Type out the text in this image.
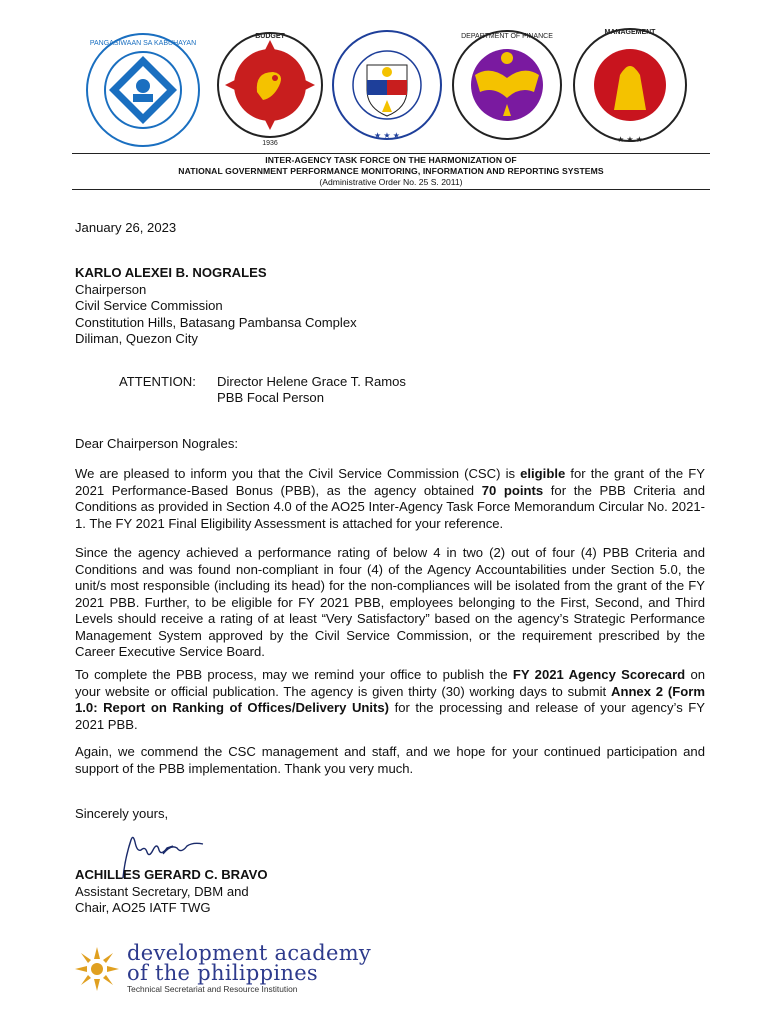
PANGASIWAAN SA KABUHAYAN
BUDGET
1936
★ ★ ★
DEPARTMENT OF FINANCE
★ ★ ★
MANAGEMENT
INTER-AGENCY TASK FORCE ON THE HARMONIZATION OF
NATIONAL GOVERNMENT PERFORMANCE MONITORING, INFORMATION AND REPORTING SYSTEMS
(Administrative Order No. 25 S. 2011)
January 26, 2023
KARLO ALEXEI B. NOGRALES
Chairperson
Civil Service Commission
Constitution Hills, Batasang Pambansa Complex
Diliman, Quezon City
ATTENTION: Director Helene Grace T. Ramos
PBB Focal Person
Dear Chairperson Nograles:
We are pleased to inform you that the Civil Service Commission (CSC) is eligible for the grant of the FY 2021 Performance-Based Bonus (PBB), as the agency obtained 70 points for the PBB Criteria and Conditions as provided in Section 4.0 of the AO25 Inter-Agency Task Force Memorandum Circular No. 2021-1. The FY 2021 Final Eligibility Assessment is attached for your reference.
Since the agency achieved a performance rating of below 4 in two (2) out of four (4) PBB Criteria and Conditions and was found non-compliant in four (4) of the Agency Accountabilities under Section 5.0, the unit/s most responsible (including its head) for the non-compliances will be isolated from the grant of the FY 2021 PBB. Further, to be eligible for FY 2021 PBB, employees belonging to the First, Second, and Third Levels should receive a rating of at least “Very Satisfactory” based on the agency’s Strategic Performance Management System approved by the Civil Service Commission, or the requirement prescribed by the Career Executive Service Board.
To complete the PBB process, may we remind your office to publish the FY 2021 Agency Scorecard on your website or official publication. The agency is given thirty (30) working days to submit Annex 2 (Form 1.0: Report on Ranking of Offices/Delivery Units) for the processing and release of your agency’s FY 2021 PBB.
Again, we commend the CSC management and staff, and we hope for your continued participation and support of the PBB implementation. Thank you very much.
Sincerely yours,
ACHILLES GERARD C. BRAVO
Assistant Secretary, DBM and
Chair, AO25 IATF TWG
development academy
of the philippines
Technical Secretariat and Resource Institution
